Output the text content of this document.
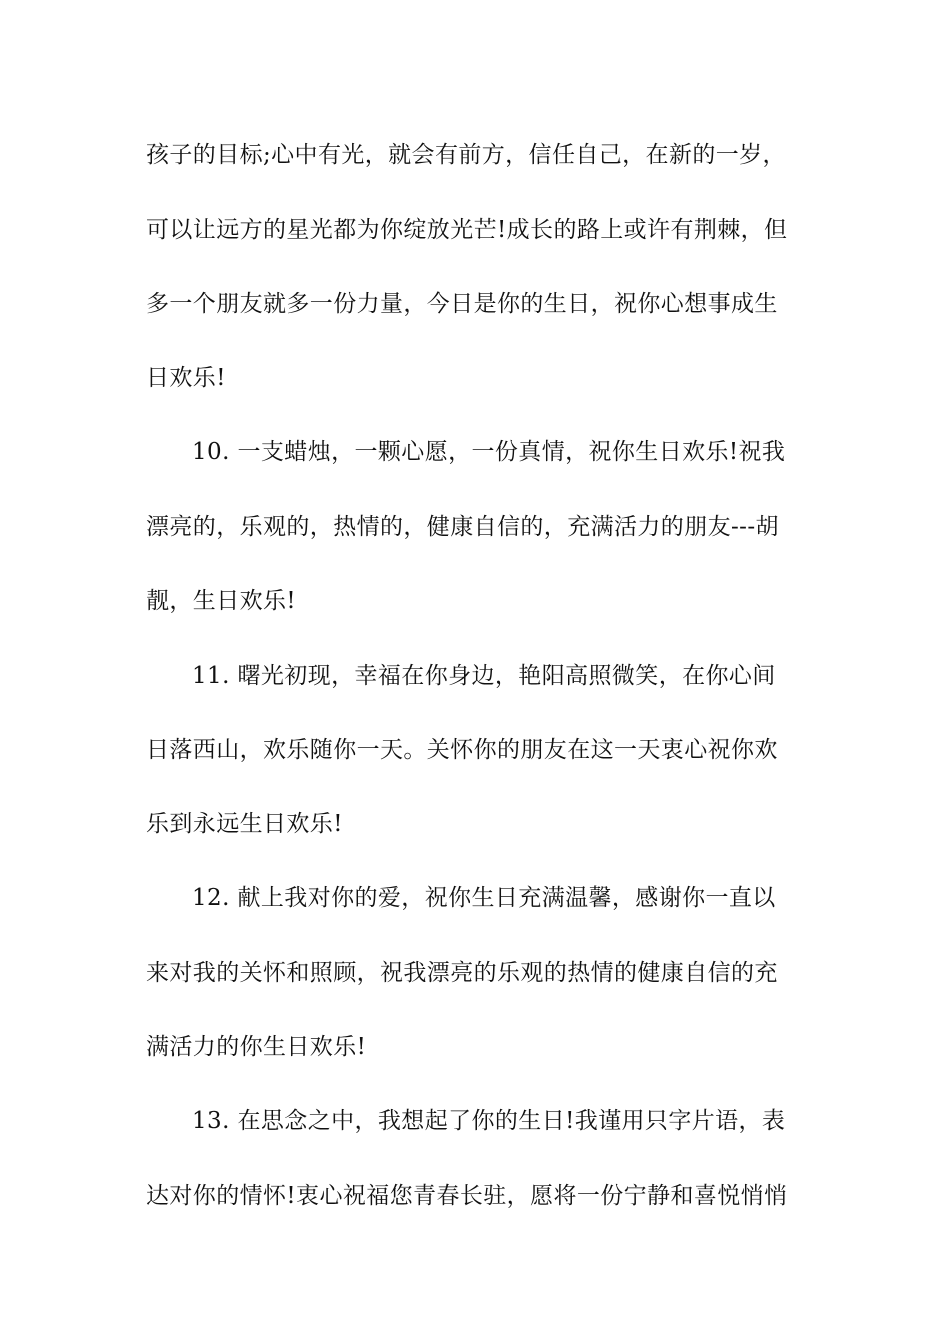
孩子的目标;心中有光，就会有前方，信任自己，在新的一岁，
可以让远方的星光都为你绽放光芒!成长的路上或许有荆棘，但
多一个朋友就多一份力量，今日是你的生日，祝你心想事成生
日欢乐!
10. 一支蜡烛，一颗心愿，一份真情，祝你生日欢乐!祝我
漂亮的，乐观的，热情的，健康自信的，充满活力的朋友---胡
靓，生日欢乐!
11. 曙光初现，幸福在你身边，艳阳高照微笑，在你心间
日落西山，欢乐随你一天。关怀你的朋友在这一天衷心祝你欢
乐到永远生日欢乐!
12. 献上我对你的爱，祝你生日充满温馨，感谢你一直以
来对我的关怀和照顾，祝我漂亮的乐观的热情的健康自信的充
满活力的你生日欢乐!
13. 在思念之中，我想起了你的生日!我谨用只字片语，表
达对你的情怀!衷心祝福您青春长驻，愿将一份宁静和喜悦悄悄
